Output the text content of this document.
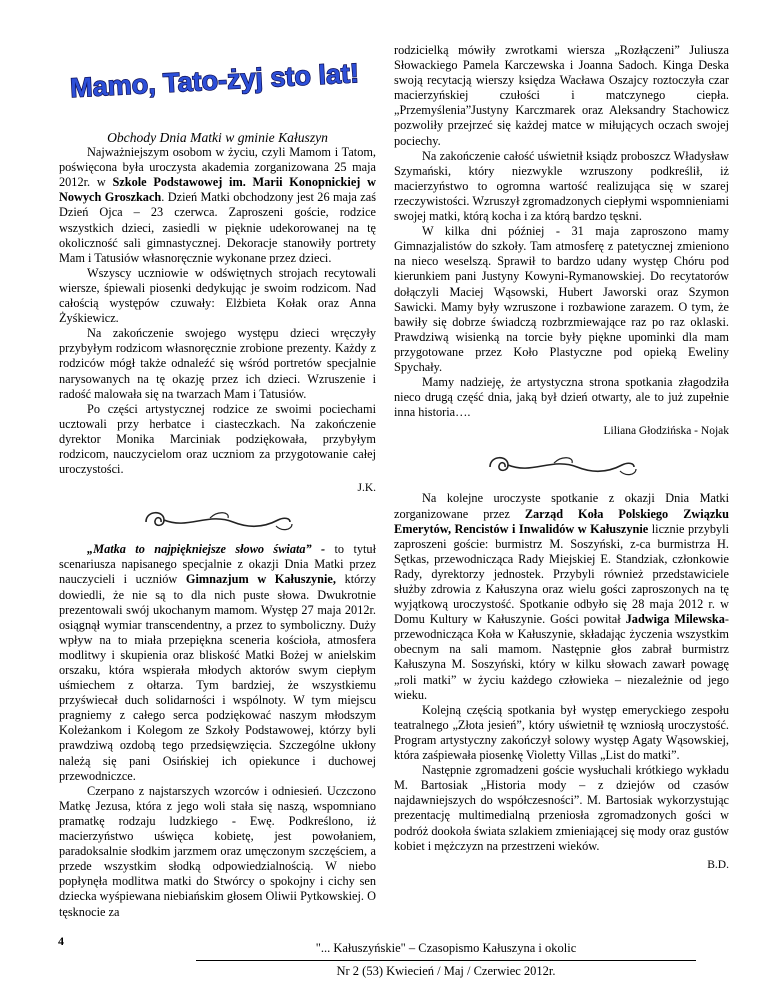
Mamo, Tato-żyj sto lat!

Obchody Dnia Matki w gminie Kałuszyn

Najważniejszym osobom w życiu, czyli Mamom i Tatom, poświęcona była uroczysta akademia zorganizowana 25 maja 2012r. w Szkole Podstawowej im. Marii Konopnickiej w Nowych Groszkach. Dzień Matki obchodzony jest 26 maja zaś Dzień Ojca – 23 czerwca. Zaproszeni goście, rodzice wszystkich dzieci, zasiedli w pięknie udekorowanej na tę okoliczność sali gimnastycznej. Dekoracje stanowiły portrety Mam i Tatusiów własnoręcznie wykonane przez dzieci.

Wszyscy uczniowie w odświętnych strojach recytowali wiersze, śpiewali piosenki dedykując je swoim rodzicom. Nad całością występów czuwały: Elżbieta Kołak oraz Anna Żyśkiewicz.

Na zakończenie swojego występu dzieci wręczyły przybyłym rodzicom własnoręcznie zrobione prezenty. Każdy z rodziców mógł także odnaleźć się wśród portretów specjalnie narysowanych na tę okazję przez ich dzieci. Wzruszenie i radość malowała się na twarzach Mam i Tatusiów.

Po części artystycznej rodzice ze swoimi pociechami ucztowali przy herbatce i ciasteczkach. Na zakończenie dyrektor Monika Marciniak podziękowała, przybyłym rodzicom, nauczycielom oraz uczniom za przygotowanie całej uroczystości.

J.K.

„Matka to najpiękniejsze słowo świata” - to tytuł scenariusza napisanego specjalnie z okazji Dnia Matki przez nauczycieli i uczniów Gimnazjum w Kałuszynie, którzy dowiedli, że nie są to dla nich puste słowa. Dwukrotnie prezentowali swój ukochanym mamom. Występ 27 maja 2012r. osiągnął wymiar transcendentny, a przez to symboliczny. Duży wpływ na to miała przepiękna sceneria kościoła, atmosfera modlitwy i skupienia oraz bliskość Matki Bożej w anielskim orszaku, która wspierała młodych aktorów swym ciepłym uśmiechem z ołtarza. Tym bardziej, że wszystkiemu przyświecał duch solidarności i wspólnoty. W tym miejscu pragniemy z całego serca podziękować naszym młodszym Koleżankom i Kolegom ze Szkoły Podstawowej, którzy byli prawdziwą ozdobą tego przedsięwzięcia. Szczególne ukłony należą się pani Osińskiej ich opiekunce i duchowej przewodniczce.

Czerpano z najstarszych wzorców i odniesień. Uczczono Matkę Jezusa, która z jego woli stała się naszą, wspomniano pramatkę rodzaju ludzkiego - Ewę. Podkreślono, iż macierzyństwo uświęca kobietę, jest powołaniem, paradoksalnie słodkim jarzmem oraz umęczonym szczęściem, a przede wszystkim słodką odpowiedzialnością. W niebo popłynęła modlitwa matki do Stwórcy o spokojny i cichy sen dziecka wyśpiewana niebiańskim głosem Oliwii Pytkowskiej. O tęsknocie za

rodzicielką mówiły zwrotkami wiersza „Rozłączeni” Juliusza Słowackiego Pamela Karczewska i Joanna Sadoch. Kinga Deska swoją recytacją wierszy księdza Wacława Oszajcy roztoczyła czar macierzyńskiej czułości i matczynego ciepła. „Przemyślenia”Justyny Karczmarek oraz Aleksandry Stachowicz pozwoliły przejrzeć się każdej matce w miłujących oczach swojej pociechy.

Na zakończenie całość uświetnił ksiądz proboszcz Władysław Szymański, który niezwykle wzruszony podkreślił, iż macierzyństwo to ogromna wartość realizująca się w szarej rzeczywistości. Wzruszył zgromadzonych ciepłymi wspomnieniami swojej matki, którą kocha i za którą bardzo tęskni.

W kilka dni później - 31 maja zaproszono mamy Gimnazjalistów do szkoły. Tam atmosferę z patetycznej zmieniono na nieco weselszą. Sprawił to bardzo udany występ Chóru pod kierunkiem pani Justyny Kowyni-Rymanowskiej. Do recytatorów dołączyli Maciej Wąsowski, Hubert Jaworski oraz Szymon Sawicki. Mamy były wzruszone i rozbawione zarazem. O tym, że bawiły się dobrze świadczą rozbrzmiewające raz po raz oklaski. Prawdziwą wisienką na torcie były piękne upominki dla mam przygotowane przez Koło Plastyczne pod opieką Eweliny Spychały.

Mamy nadzieję, że artystyczna strona spotkania złagodziła nieco drugą część dnia, jaką był dzień otwarty, ale to już zupełnie inna historia….

Liliana Głodzińska - Nojak

Na kolejne uroczyste spotkanie z okazji Dnia Matki zorganizowane przez Zarząd Koła Polskiego Związku Emerytów, Rencistów i Inwalidów w Kałuszynie licznie przybyli zaproszeni goście: burmistrz M. Soszyński, z-ca burmistrza H. Sętkas, przewodnicząca Rady Miejskiej E. Standziak, członkowie Rady, dyrektorzy jednostek. Przybyli również przedstawiciele służby zdrowia z Kałuszyna oraz wielu gości zaproszonych na tę wyjątkową uroczystość. Spotkanie odbyło się 28 maja 2012 r. w Domu Kultury w Kałuszynie. Gości powitał Jadwiga Milewska- przewodnicząca Koła w Kałuszynie, składając życzenia wszystkim obecnym na sali mamom. Następnie głos zabrał burmistrz Kałuszyna M. Soszyński, który w kilku słowach zawarł powagę „roli matki” w życiu każdego człowieka – niezależnie od jego wieku.

Kolejną częścią spotkania był występ emeryckiego zespołu teatralnego „Złota jesień”, który uświetnił tę wzniosłą uroczystość. Program artystyczny zakończył solowy występ Agaty Wąsowskiej, która zaśpiewała piosenkę Violetty Villas „List do matki”.

Następnie zgromadzeni goście wysłuchali krótkiego wykładu M. Bartosiak „Historia mody – z dziejów od czasów najdawniejszych do współczesności”. M. Bartosiak wykorzystując prezentację multimedialną przeniosła zgromadzonych gości w podróż dookoła świata szlakiem zmieniającej się mody oraz gustów kobiet i mężczyzn na przestrzeni wieków.

B.D.
4	"... Kałuszyńskie" – Czasopismo Kałuszyna i okolic
Nr 2 (53) Kwiecień / Maj / Czerwiec 2012r.
